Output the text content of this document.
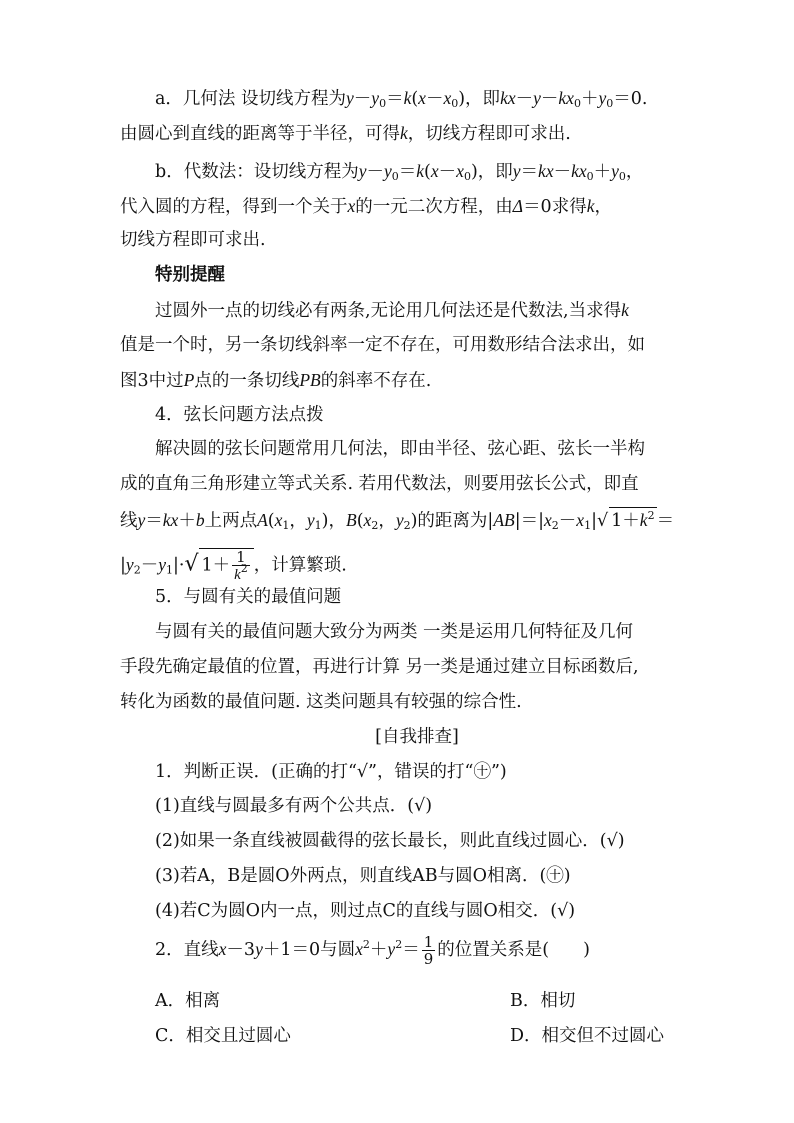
a．几何法 设切线方程为$y-y_0=k(x-x_0)$，即$kx-y-kx_0+y_0=0$.
由圆心到直线的距离等于半径，可得k，切线方程即可求出.
b．代数法：设切线方程为$y-y_0=k(x-x_0)$，即$y=kx-kx_0+y_0$，
代入圆的方程，得到一个关于x的一元二次方程，由Δ＝0求得k，
切线方程即可求出.
特别提醒
过圆外一点的切线必有两条,无论用几何法还是代数法,当求得k
值是一个时，另一条切线斜率一定不存在，可用数形结合法求出，如
图3中过P点的一条切线PB的斜率不存在.
4．弦长问题方法点拨
解决圆的弦长问题常用几何法，即由半径、弦心距、弦长一半构
成的直角三角形建立等式关系. 若用代数法，则要用弦长公式，即直
线y＝kx＋b上两点$A(x_1$，$y_1$)，$B(x_2$，$y_2$)的距离为$|AB|=|x_2-x_1|√$ $1+k^2$ ＝
$|y_2-y_1|\cdot√$ $1+ \frac{1}{k^2}$ ，计算繁琐.
5．与圆有关的最值问题
与圆有关的最值问题大致分为两类 一类是运用几何特征及几何
手段先确定最值的位置，再进行计算 另一类是通过建立目标函数后,
转化为函数的最值问题. 这类问题具有较强的综合性.
[自我排查]
1．判断正误．(正确的打“√”，错误的打“㊉”)
(1)直线与圆最多有两个公共点．(√)
(2)如果一条直线被圆截得的弦长最长，则此直线过圆心．(√)
(3)若A，B是圆O外两点，则直线AB与圆O相离．(㊉)
(4)若C为圆O内一点，则过点C的直线与圆O相交．(√)
2．直线x－3y＋1＝0与圆$x^2+y^2= \frac{1}{9}$ 的位置关系是( )
A．相离	B．相切
C．相交且过圆心	D．相交但不过圆心
